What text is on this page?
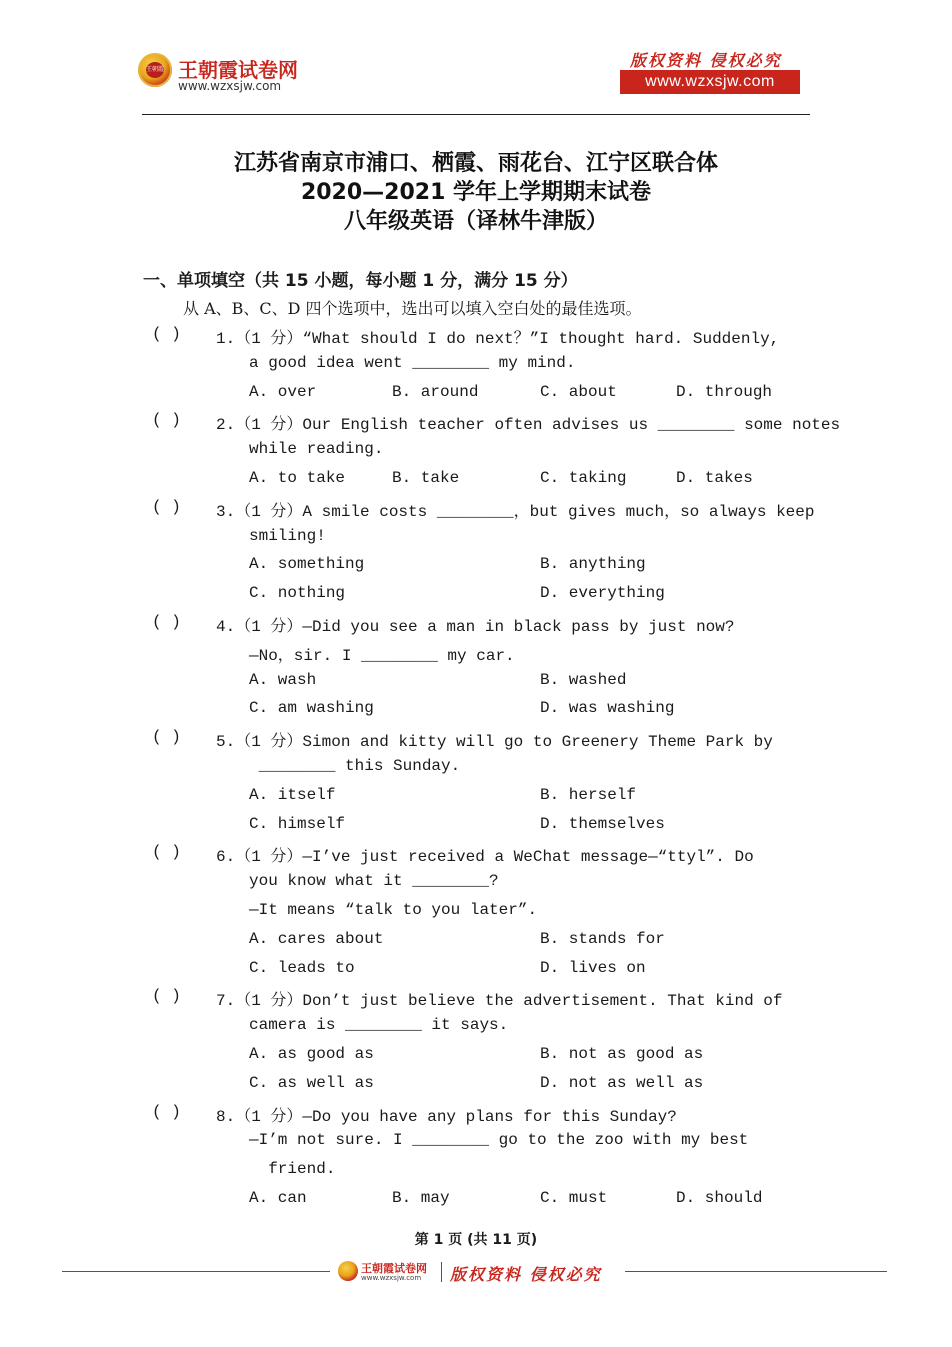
王朝霞 王朝霞试卷网
www.wzxsjw.com
版权资料 侵权必究
www.wzxsjw.com
江苏省南京市浦口、栖霞、雨花台、江宁区联合体
2020—2021 学年上学期期末试卷
八年级英语（译林牛津版）
一、单项填空（共 15 小题，每小题 1 分，满分 15 分）
从 A、B、C、D 四个选项中，选出可以填入空白处的最佳选项。
( ) 1.（1 分）“What should I do next？”I thought hard. Suddenly,
a good idea went ________ my mind.
A. over	B. around	C. about	D. through
( ) 2.（1 分）Our English teacher often advises us ________ some notes
while reading.
A. to take	B. take	C. taking	D. takes
( ) 3.（1 分）A smile costs ________，but gives much，so always keep
smiling!
A. something	B. anything
C. nothing	D. everything
( ) 4.（1 分）—Did you see a man in black pass by just now?
—No，sir. I ________ my car.
A. wash	B. washed
C. am washing	D. was washing
( ) 5.（1 分）Simon and kitty will go to Greenery Theme Park by
________ this Sunday.
A. itself	B. herself
C. himself	D. themselves
( ) 6.（1 分）—I’ve just received a WeChat message—“ttyl”. Do
you know what it ________?
—It means “talk to you later”.
A. cares about	B. stands for
C. leads to	D. lives on
( ) 7.（1 分）Don’t just believe the advertisement. That kind of
camera is ________ it says.
A. as good as	B. not as good as
C. as well as	D. not as well as
( ) 8.（1 分）—Do you have any plans for this Sunday?
—I’m not sure. I ________ go to the zoo with my best
friend.
A. can	B. may	C. must	D. should
第 1 页 (共 11 页)
王朝霞试卷网
www.wzxsjw.com 版权资料 侵权必究
